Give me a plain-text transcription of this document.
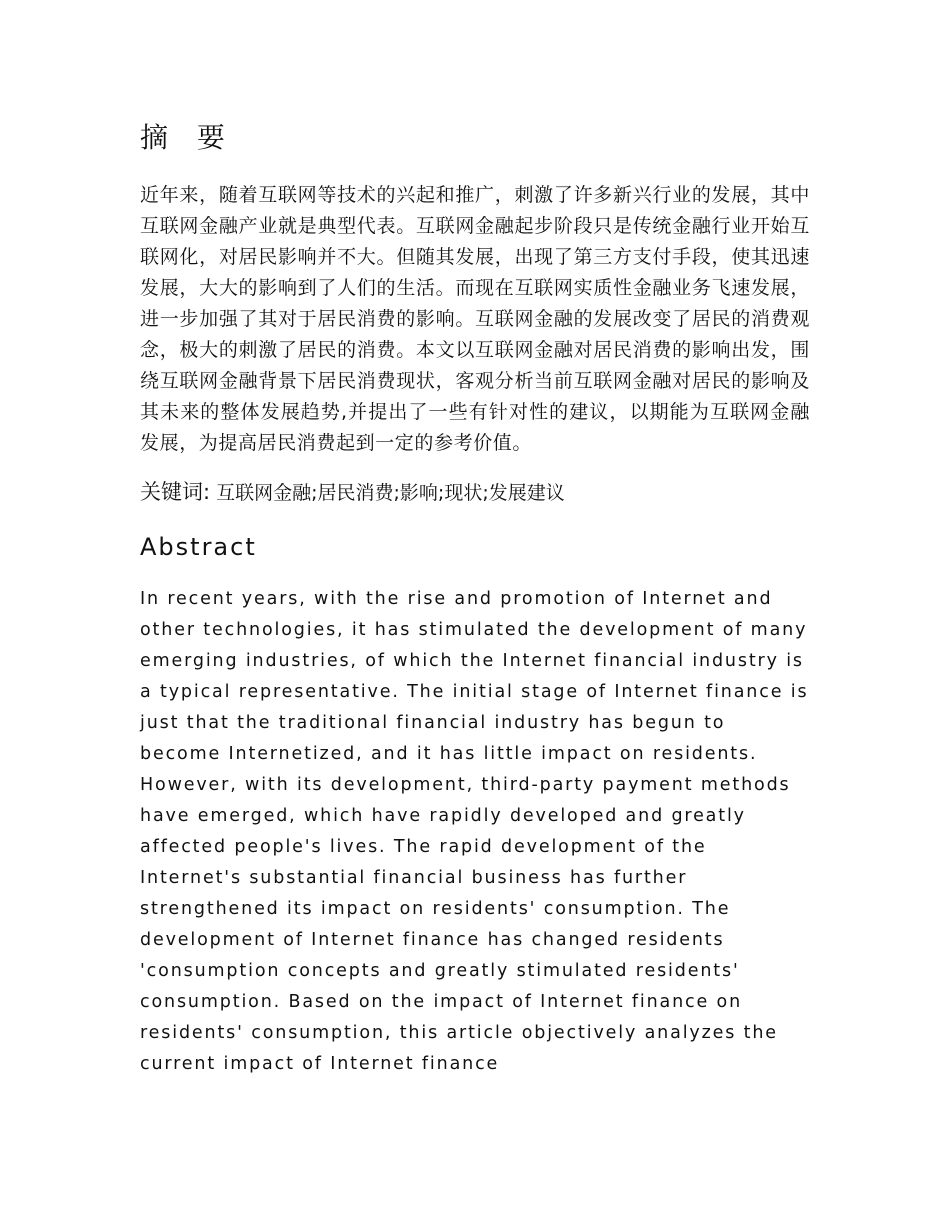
摘 要

近年来，随着互联网等技术的兴起和推广，刺激了许多新兴行业的发展，其中互联网金融产业就是典型代表。互联网金融起步阶段只是传统金融行业开始互联网化，对居民影响并不大。但随其发展，出现了第三方支付手段，使其迅速发展，大大的影响到了人们的生活。而现在互联网实质性金融业务飞速发展，进一步加强了其对于居民消费的影响。互联网金融的发展改变了居民的消费观念，极大的刺激了居民的消费。本文以互联网金融对居民消费的影响出发，围绕互联网金融背景下居民消费现状，客观分析当前互联网金融对居民的影响及其未来的整体发展趋势,并提出了一些有针对性的建议，以期能为互联网金融发展，为提高居民消费起到一定的参考价值。

关键词: 互联网金融;居民消费;影响;现状;发展建议
Abstract

In recent years, with the rise and promotion of Internet and other technologies, it has stimulated the development of many emerging industries, of which the Internet financial industry is a typical representative. The initial stage of Internet finance is just that the traditional financial industry has begun to become Internetized, and it has little impact on residents. However, with its development, third-party payment methods have emerged, which have rapidly developed and greatly affected people's lives. The rapid development of the Internet's substantial financial business has further strengthened its impact on residents' consumption. The development of Internet finance has changed residents 'consumption concepts and greatly stimulated residents' consumption. Based on the impact of Internet finance on residents' consumption, this article objectively analyzes the current impact of Internet finance
